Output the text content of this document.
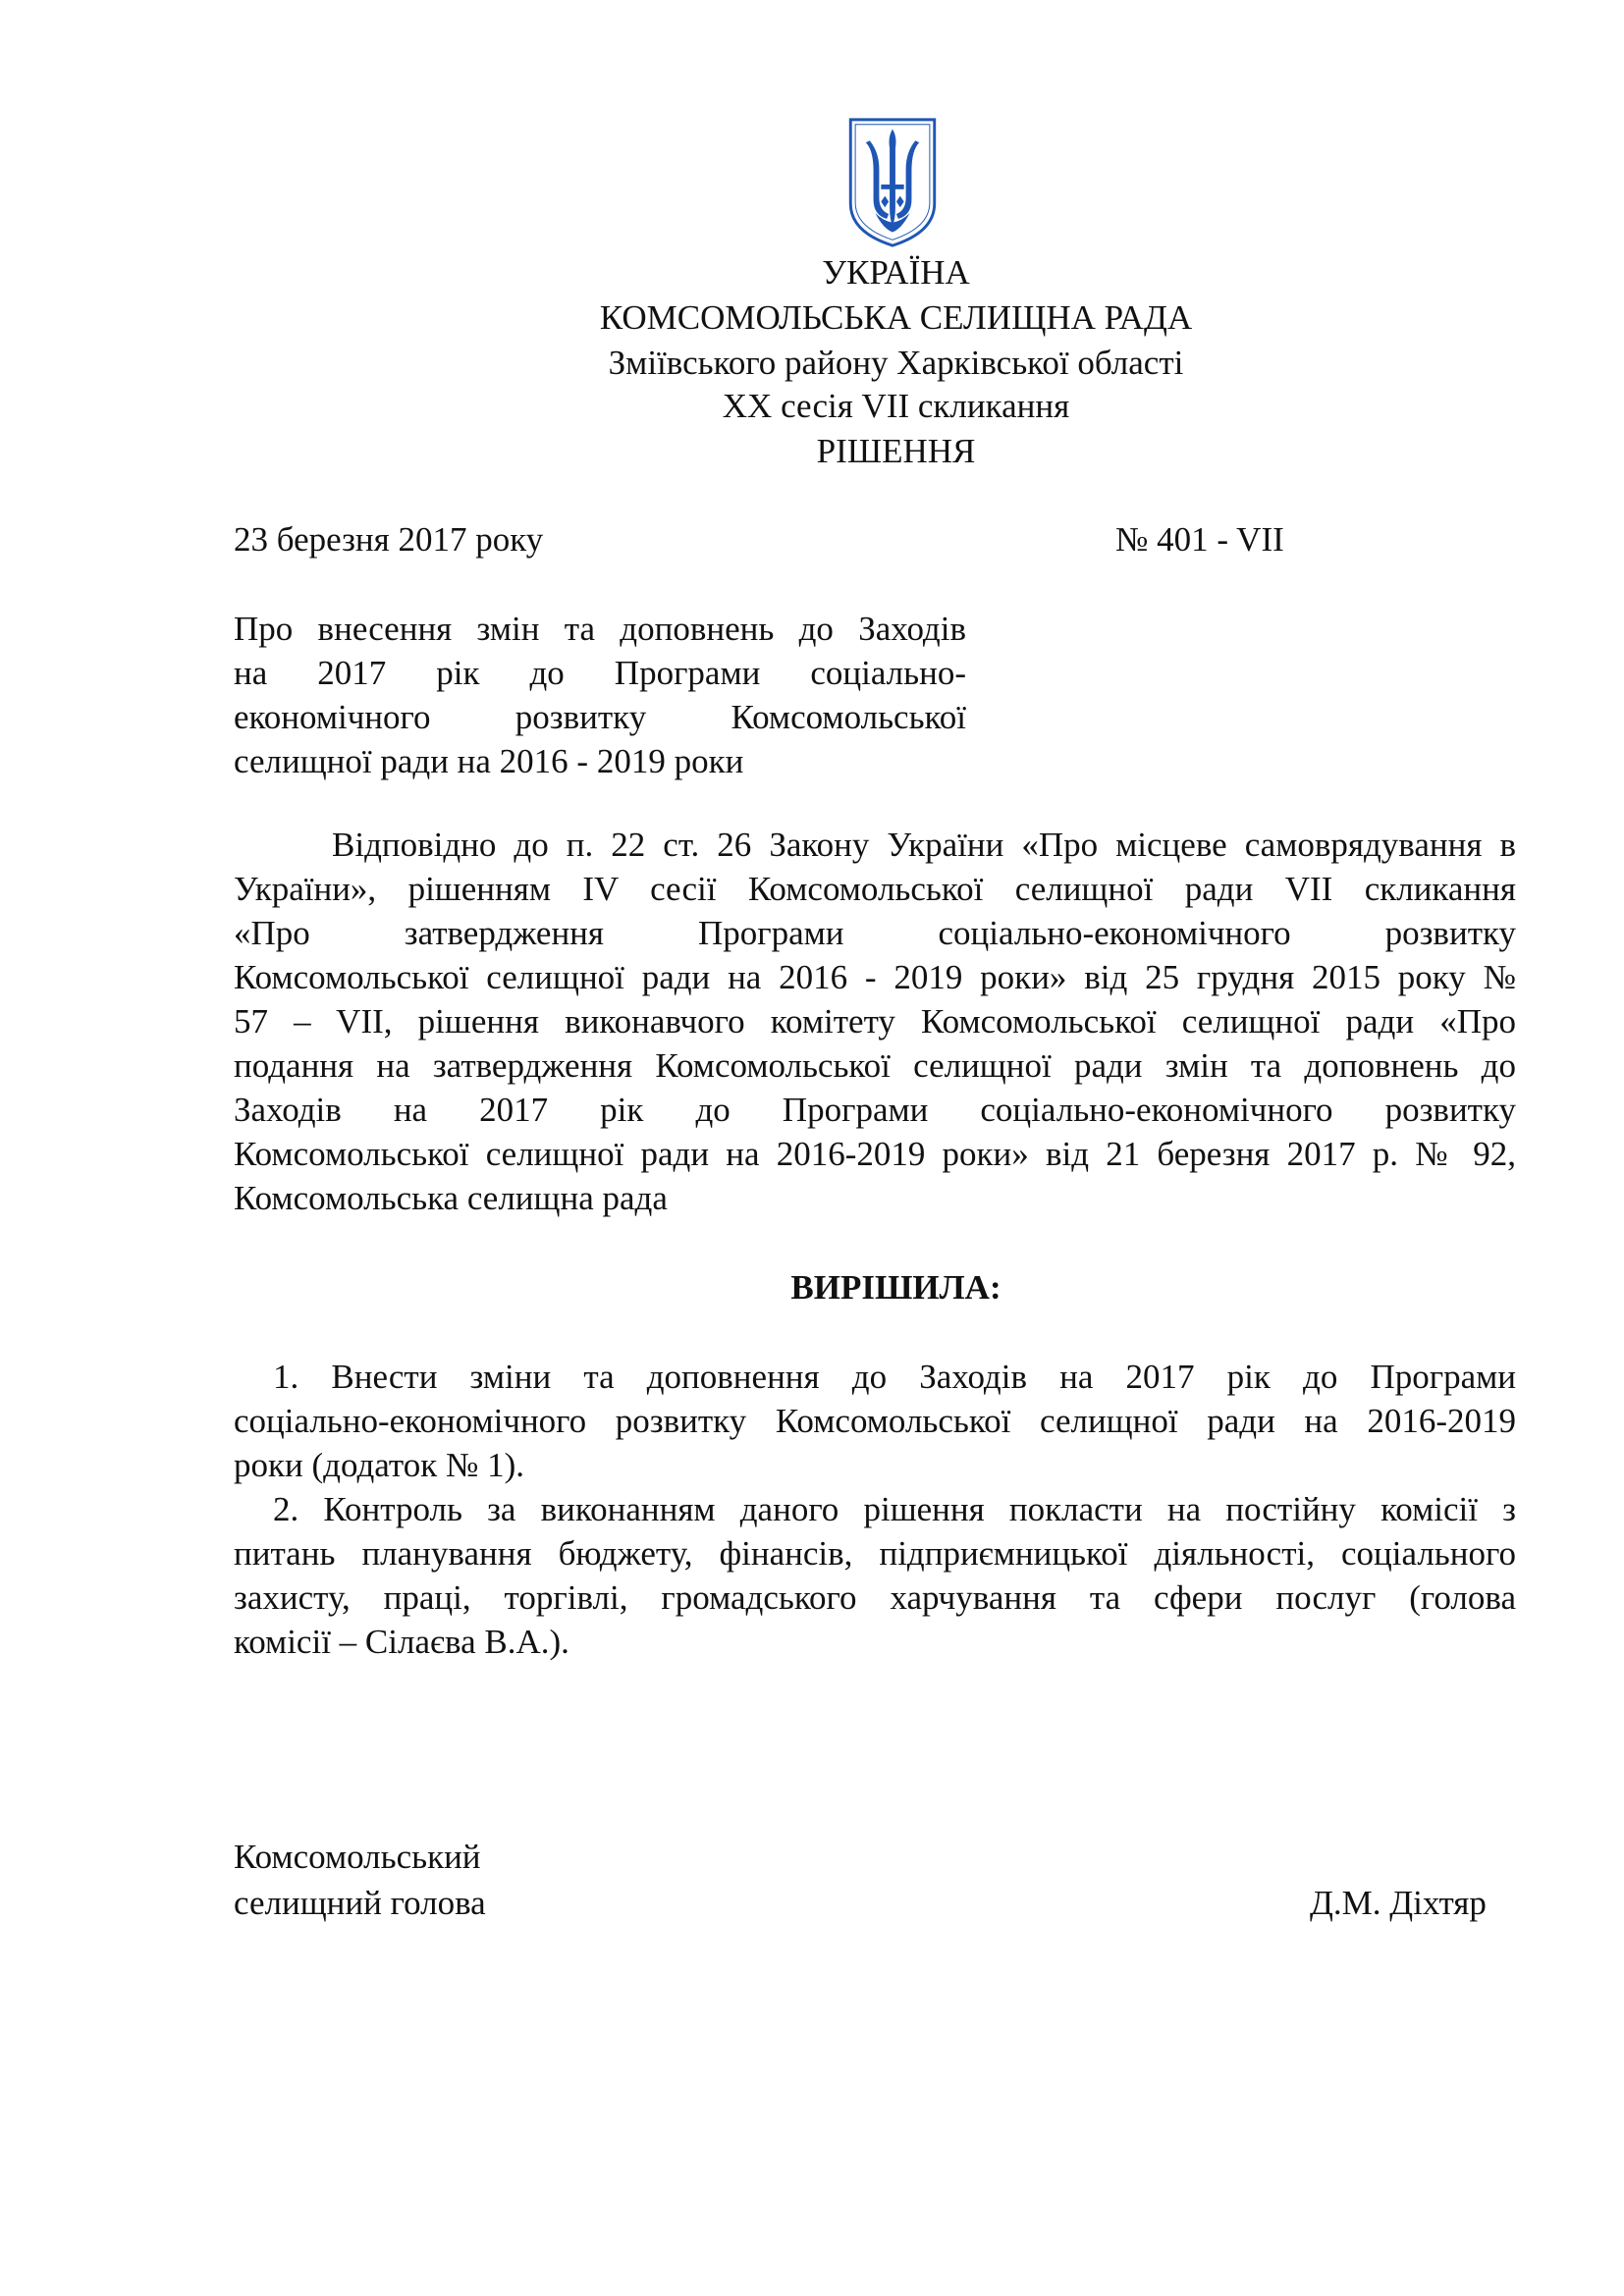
УКРАЇНА
КОМСОМОЛЬСЬКА СЕЛИЩНА РАДА
Зміївського району Харківської області
XX сесія VII скликання
РІШЕННЯ
23 березня 2017 року	№ 401 - VII
Про внесення змін та доповнень до Заходів
на 2017 рік до Програми соціально-
економічного розвитку Комсомольської
селищної ради на 2016 - 2019 роки
Відповідно до п. 22 ст. 26 Закону України «Про місцеве самоврядування в
України», рішенням IV сесії Комсомольської селищної ради VII скликання
«Про затвердження Програми соціально-економічного розвитку
Комсомольської селищної ради на 2016 - 2019 роки» від 25 грудня 2015 року №
57 – VII, рішення виконавчого комітету Комсомольської селищної ради «Про
подання на затвердження Комсомольської селищної ради змін та доповнень до
Заходів на 2017 рік до Програми соціально-економічного розвитку
Комсомольської селищної ради на 2016-2019 роки» від 21 березня 2017 р. № 92,
Комсомольська селищна рада
ВИРІШИЛА:
1. Внести зміни та доповнення до Заходів на 2017 рік до Програми
соціально-економічного розвитку Комсомольської селищної ради на 2016-2019
роки (додаток № 1).
2. Контроль за виконанням даного рішення покласти на постійну комісії з
питань планування бюджету, фінансів, підприємницької діяльності, соціального
захисту, праці, торгівлі, громадського харчування та сфери послуг (голова
комісії – Сілаєва В.А.).
Комсомольський
селищний голова	Д.М. Діхтяр
